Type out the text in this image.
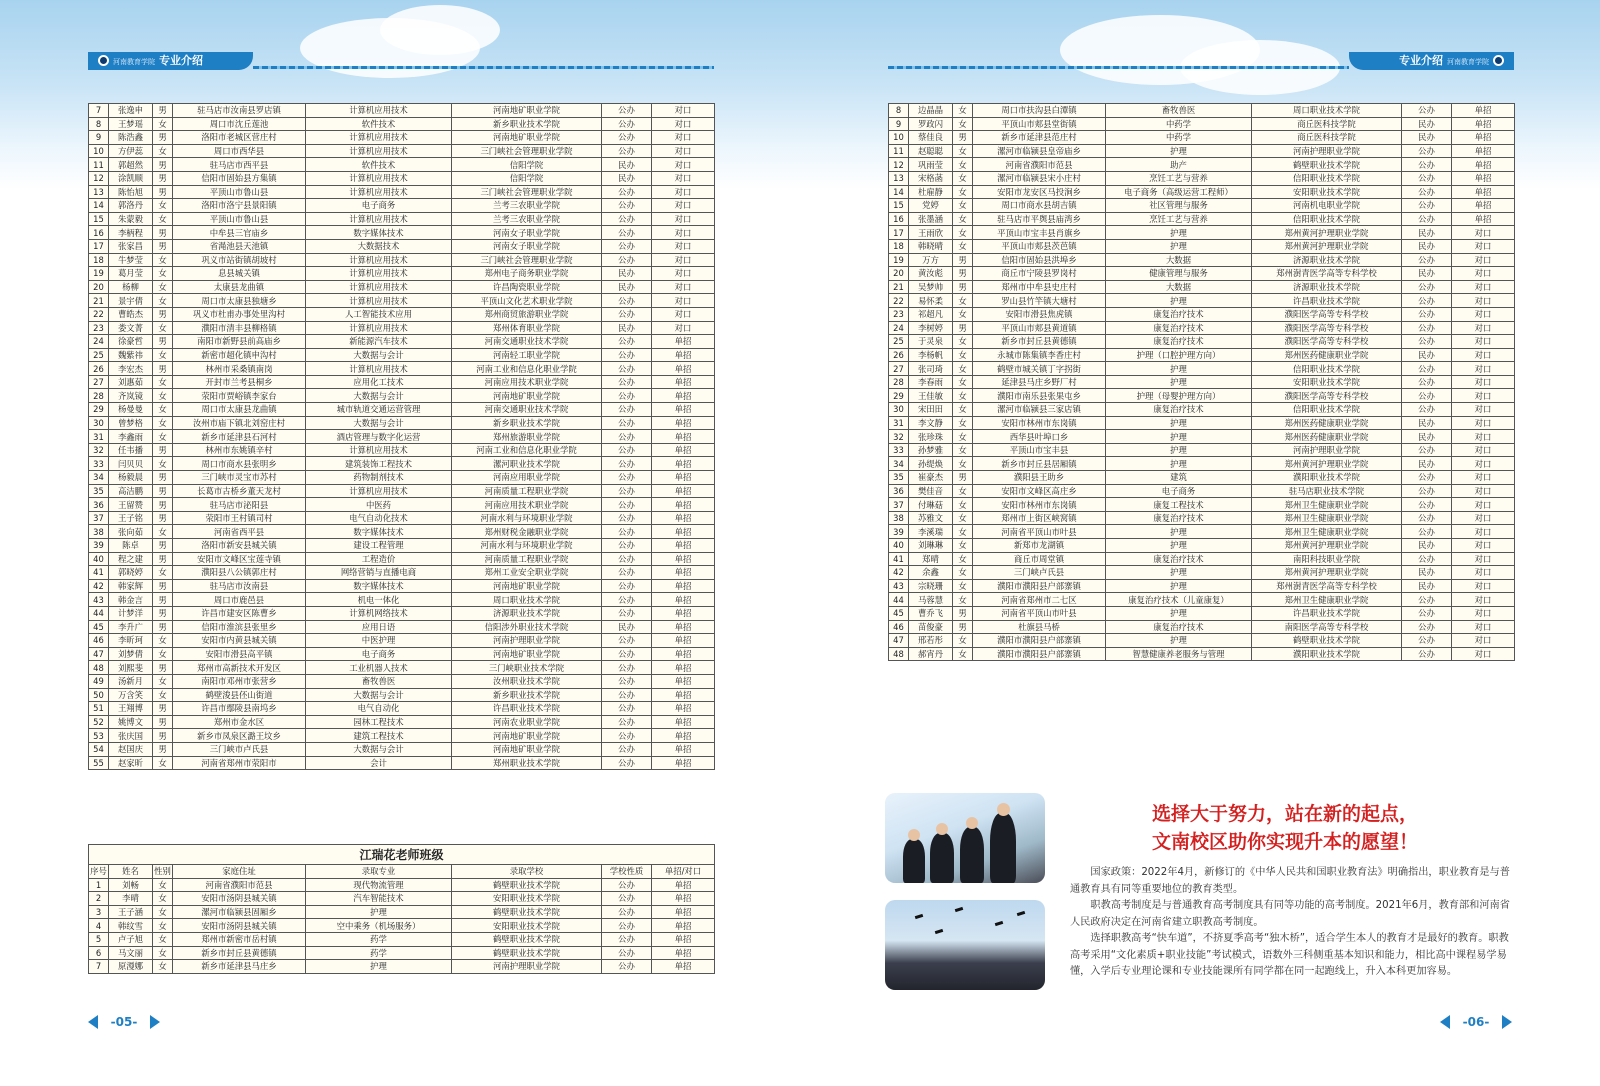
河南教育学院 专业介绍
7	张逸申	男	驻马店市汝南县罗店镇	计算机应用技术	河南地矿职业学院	公办	对口
8	王梦瑶	女	周口市沈丘莲池	软件技术	新乡职业技术学院	公办	对口
9	陈浩鑫	男	洛阳市老城区营庄村	计算机应用技术	河南地矿职业学院	公办	对口
10	方伊蕊	女	周口市西华县	计算机应用技术	三门峡社会管理职业学院	公办	对口
11	郭超然	男	驻马店市西平县	软件技术	信阳学院	民办	对口
12	涂凯顺	男	信阳市固始县方集镇	计算机应用技术	信阳学院	民办	对口
13	陈怡旭	男	平顶山市鲁山县	计算机应用技术	三门峡社会管理职业学院	公办	对口
14	郭洛丹	女	洛阳市洛宁县景阳镇	电子商务	兰考三农职业学院	公办	对口
15	朱蒙毅	女	平顶山市鲁山县	计算机应用技术	兰考三农职业学院	公办	对口
16	李柄程	男	中牟县三官庙乡	数字媒体技术	河南女子职业学院	公办	对口
17	张家昌	男	省渑池县天池镇	大数据技术	河南女子职业学院	公办	对口
18	牛梦莹	女	巩义市站街镇胡坡村	计算机应用技术	三门峡社会管理职业学院	公办	对口
19	葛月莹	女	息县城关镇	计算机应用技术	郑州电子商务职业学院	民办	对口
20	杨柳	女	太康县龙曲镇	计算机应用技术	许昌陶瓷职业学院	民办	对口
21	景宇倩	女	周口市太康县独塘乡	计算机应用技术	平顶山文化艺术职业学院	公办	对口
22	曹皓杰	男	巩义市杜甫办事处里沟村	人工智能技术应用	郑州商贸旅游职业学院	公办	对口
23	娄文菁	女	濮阳市清丰县柳格镇	计算机应用技术	郑州体育职业学院	民办	对口
24	徐豪哲	男	南阳市新野县前高庙乡	新能源汽车技术	河南交通职业技术学院	公办	单招
25	魏紫祎	女	新密市超化镇申沟村	大数据与会计	河南轻工职业学院	公办	单招
26	李宏杰	男	林州市采桑镇南岗	计算机应用技术	河南工业和信息化职业学院	公办	单招
27	刘惠茹	女	开封市兰考县桐乡	应用化工技术	河南应用技术职业学院	公办	单招
28	齐岚镜	女	荥阳市贾峪镇李家台	大数据与会计	河南地矿职业学院	公办	单招
29	杨曼曼	女	周口市太康县龙曲镇	城市轨道交通运营管理	河南交通职业技术学院	公办	单招
30	曾梦格	女	汝州市庙下镇北刘窑庄村	大数据与会计	新乡职业技术学院	公办	单招
31	李鑫雨	女	新乡市延津县石河村	酒店管理与数字化运营	郑州旅游职业学院	公办	单招
32	任韦播	男	林州市东姚镇辛村	计算机应用技术	河南工业和信息化职业学院	公办	单招
33	闫贝贝	女	周口市商水县张明乡	建筑装饰工程技术	漯河职业技术学院	公办	单招
34	杨毅晨	男	三门峡市灵宝市苏村	药物制剂技术	河南应用职业学院	公办	单招
35	高洁鹏	男	长葛市古桥乡董天龙村	计算机应用技术	河南质量工程职业学院	公办	单招
36	王留赞	男	驻马店市泌阳县	中医药	河南应用技术职业学院	公办	单招
37	王子铭	男	荥阳市王村镇司村	电气自动化技术	河南水利与环境职业学院	公办	单招
38	张向茹	女	河南省西平县	数字媒体技术	郑州财税金融职业学院	公办	单招
39	陈卓	男	洛阳市新安县城关镇	建设工程管理	河南水利与环境职业学院	公办	单招
40	程之建	男	安阳市文峰区宝莲寺镇	工程造价	河南质量工程职业学院	公办	单招
41	郭晓婷	女	濮阳县八公镇郭庄村	网络营销与直播电商	郑州工业安全职业学院	公办	单招
42	韩家辉	男	驻马店市汝南县	数字媒体技术	河南地矿职业学院	公办	单招
43	韩金言	男	周口市鹿邑县	机电一体化	周口职业技术学院	公办	单招
44	计梦洋	男	许昌市建安区陈曹乡	计算机网络技术	济源职业技术学院	公办	单招
45	李升广	男	信阳市淮滨县张里乡	应用日语	信阳涉外职业技术学院	民办	单招
46	李昕珂	女	安阳市内黄县城关镇	中医护理	河南护理职业学院	公办	单招
47	刘梦倩	女	安阳市滑县高平镇	电子商务	河南地矿职业学院	公办	单招
48	刘熙斐	男	郑州市高新技术开发区	工业机器人技术	三门峡职业技术学院	公办	单招
49	汤新月	女	南阳市邓州市张营乡	畜牧兽医	汝州职业技术学院	公办	单招
50	万含笑	女	鹤壁浚县伾山街道	大数据与会计	新乡职业技术学院	公办	单招
51	王翔博	男	许昌市鄢陵县南坞乡	电气自动化	许昌职业技术学院	公办	单招
52	姚博文	男	郑州市金水区	园林工程技术	河南农业职业学院	公办	单招
53	张庆国	男	新乡市凤泉区潞王坟乡	建筑工程技术	河南地矿职业学院	公办	单招
54	赵国庆	男	三门峡市卢氏县	大数据与会计	河南地矿职业学院	公办	单招
55	赵家昕	女	河南省郑州市荥阳市	会计	郑州职业技术学院	公办	单招
江瑞花老师班级							
序号	姓名	性别	家庭住址	录取专业	录取学校	学校性质	单招/对口
1	刘畅	女	河南省濮阳市范县	现代物流管理	鹤壁职业技术学院	公办	单招
2	李晴	女	安阳市汤阴县城关镇	汽车智能技术	安阳职业技术学院	公办	单招
3	王子涵	女	漯河市临颍县固厢乡	护理	鹤壁职业技术学院	公办	单招
4	韩纹雪	女	安阳市汤阴县城关镇	空中乘务（机场服务）	安阳职业技术学院	公办	单招
5	卢子旭	女	郑州市新密市岳村镇	药学	鹤壁职业技术学院	公办	单招
6	马文丽	女	新乡市封丘县黄德镇	药学	鹤壁职业技术学院	公办	单招
7	原漫娜	女	新乡市延津县马庄乡	护理	河南护理职业学院	公办	单招
-05-
专业介绍 河南教育学院
8	边晶晶	女	周口市扶沟县白潭镇	畜牧兽医	周口职业技术学院	公办	单招
9	罗政闪	女	平顶山市郏县堂街镇	中药学	商丘医科技学院	民办	单招
10	蔡佳良	男	新乡市延津县范庄村	中药学	商丘医科技学院	民办	单招
11	赵聪聪	女	漯河市临颍县皇帝庙乡	护理	河南护理职业学院	公办	单招
12	巩雨莹	女	河南省濮阳市范县	助产	鹤壁职业技术学院	公办	单招
13	宋格菡	女	漯河市临颍县宋小庄村	烹饪工艺与营养	信阳职业技术学院	公办	单招
14	杜雇静	女	安阳市龙安区马投涧乡	电子商务（高级运营工程师）	安阳职业技术学院	公办	单招
15	党婷	女	周口市商水县胡吉镇	社区管理与服务	河南机电职业学院	公办	单招
16	张墨涵	女	驻马店市平舆县庙湾乡	烹饪工艺与营养	信阳职业技术学院	公办	单招
17	王雨欣	女	平顶山市宝丰县肖旗乡	护理	郑州黄河护理职业学院	民办	对口
18	韩晓晴	女	平顶山市郏县茨芭镇	护理	郑州黄河护理职业学院	民办	对口
19	万方	男	信阳市固始县洪埠乡	大数据	济源职业技术学院	公办	对口
20	黄汝彪	男	商丘市宁陵县罗岗村	健康管理与服务	郑州澍青医学高等专科学校	民办	对口
21	吴梦帅	男	郑州市中牟县史庄村	大数据	济源职业技术学院	公办	对口
22	易怀柔	女	罗山县竹竿镇大塘村	护理	许昌职业技术学院	公办	对口
23	祁超凡	女	安阳市滑县焦虎镇	康复治疗技术	濮阳医学高等专科学校	公办	对口
24	李树婷	男	平顶山市郏县黄道镇	康复治疗技术	濮阳医学高等专科学校	公办	对口
25	于灵泉	女	新乡市封丘县黄德镇	康复治疗技术	濮阳医学高等专科学校	公办	对口
26	李杨帆	女	永城市陈集镇李香庄村	护理（口腔护理方向）	郑州医药健康职业学院	民办	对口
27	张司琦	女	鹤壁市城关镇丁字拐街	护理	信阳职业技术学院	公办	对口
28	李春雨	女	延津县马庄乡野厂村	护理	安阳职业技术学院	公办	对口
29	王佳敏	女	濮阳市南乐县张果屯乡	护理（母婴护理方向）	濮阳医学高等专科学校	公办	对口
30	宋田田	女	漯河市临颍县三家店镇	康复治疗技术	信阳职业技术学院	公办	对口
31	李文静	女	安阳市林州市东岗镇	护理	郑州医药健康职业学院	民办	对口
32	张珍珠	女	西华县叶埠口乡	护理	郑州医药健康职业学院	民办	对口
33	孙梦雅	女	平顶山市宝丰县	护理	河南护理职业学院	公办	对口
34	孙缇焕	女	新乡市封丘县居厢镇	护理	郑州黄河护理职业学院	民办	对口
35	崔豪杰	男	濮阳县王助乡	建筑	濮阳职业技术学院	公办	对口
36	樊佳音	女	安阳市文峰区高庄乡	电子商务	驻马店职业技术学院	公办	对口
37	付琳菇	女	安阳市林州市东岗镇	康复工程技术	郑州卫生健康职业学院	公办	对口
38	苏雅文	女	郑州市上街区峡窝镇	康复治疗技术	郑州卫生健康职业学院	公办	对口
39	李溪瑞	女	河南省平顶山市叶县	护理	郑州卫生健康职业学院	公办	对口
40	刘琳琳	女	新郑市龙湖镇	护理	郑州黄河护理职业学院	民办	对口
41	郑晴	女	商丘市周堂镇	康复治疗技术	南阳科技职业学院	公办	对口
42	余鑫	女	三门峡卢氏县	护理	郑州黄河护理职业学院	民办	对口
43	宗晓珊	女	濮阳市濮阳县户部寨镇	护理	郑州澍青医学高等专科学校	民办	对口
44	马蓉慧	女	河南省郑州市二七区	康复治疗技术（儿童康复）	郑州卫生健康职业学院	公办	对口
45	曹乔飞	男	河南省平顶山市叶县	护理	许昌职业技术学院	公办	对口
46	苗俊豪	男	杜旗县马桥	康复治疗技术	南阳医学高等专科学校	公办	对口
47	邢若彤	女	濮阳市濮阳县户部寨镇	护理	鹤壁职业技术学院	公办	对口
48	郝宵丹	女	濮阳市濮阳县户部寨镇	智慧健康养老服务与管理	濮阳职业技术学院	公办	对口
-06-
选择大于努力，站在新的起点，
文南校区助你实现升本的愿望！

国家政策：2022年4月，新修订的《中华人民共和国职业教育法》明确指出，职业教育是与普通教育具有同等重要地位的教育类型。

职教高考制度是与普通教育高考制度具有同等功能的高考制度。2021年6月，教育部和河南省人民政府决定在河南省建立职教高考制度。

选择职教高考“快车道”，不挤夏季高考“独木桥”，适合学生本人的教育才是最好的教育。职教高考采用“文化素质+职业技能”考试模式，语数外三科侧重基本知识和能力，相比高中课程易学易懂，入学后专业理论课和专业技能课所有同学都在同一起跑线上，升入本科更加容易。
